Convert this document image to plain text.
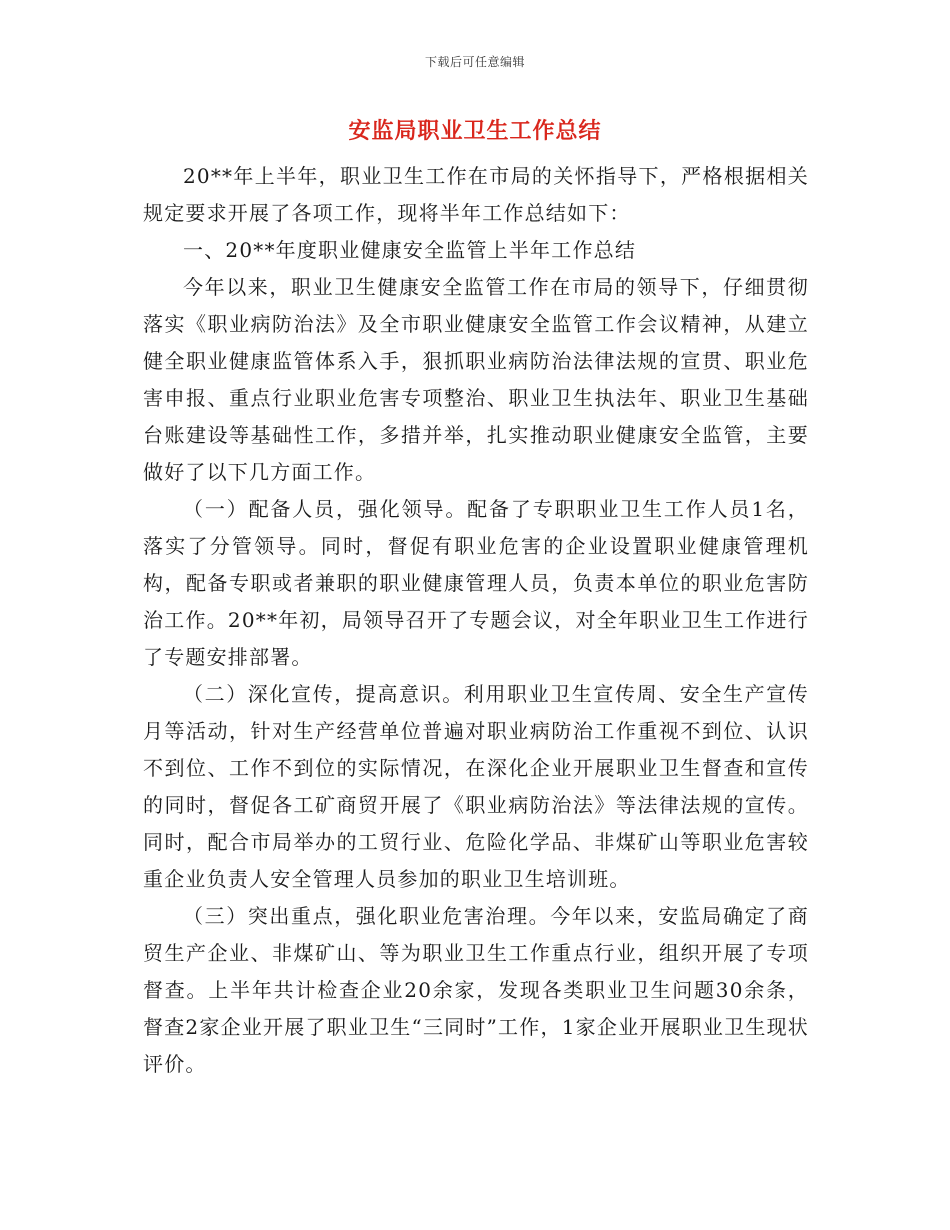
下载后可任意编辑
安监局职业卫生工作总结

20**年上半年，职业卫生工作在市局的关怀指导下，严格根据相关规定要求开展了各项工作，现将半年工作总结如下：

一、20**年度职业健康安全监管上半年工作总结

今年以来，职业卫生健康安全监管工作在市局的领导下，仔细贯彻落实《职业病防治法》及全市职业健康安全监管工作会议精神，从建立健全职业健康监管体系入手，狠抓职业病防治法律法规的宣贯、职业危害申报、重点行业职业危害专项整治、职业卫生执法年、职业卫生基础台账建设等基础性工作，多措并举，扎实推动职业健康安全监管，主要做好了以下几方面工作。

（一）配备人员，强化领导。配备了专职职业卫生工作人员1名，落实了分管领导。同时，督促有职业危害的企业设置职业健康管理机构，配备专职或者兼职的职业健康管理人员，负责本单位的职业危害防治工作。20**年初，局领导召开了专题会议，对全年职业卫生工作进行了专题安排部署。

（二）深化宣传，提高意识。利用职业卫生宣传周、安全生产宣传月等活动，针对生产经营单位普遍对职业病防治工作重视不到位、认识不到位、工作不到位的实际情况，在深化企业开展职业卫生督查和宣传的同时，督促各工矿商贸开展了《职业病防治法》等法律法规的宣传。同时，配合市局举办的工贸行业、危险化学品、非煤矿山等职业危害较重企业负责人安全管理人员参加的职业卫生培训班。

（三）突出重点，强化职业危害治理。今年以来，安监局确定了商贸生产企业、非煤矿山、等为职业卫生工作重点行业，组织开展了专项督查。上半年共计检查企业20余家，发现各类职业卫生问题30余条，督查2家企业开展了职业卫生“三同时”工作，1家企业开展职业卫生现状评价。
